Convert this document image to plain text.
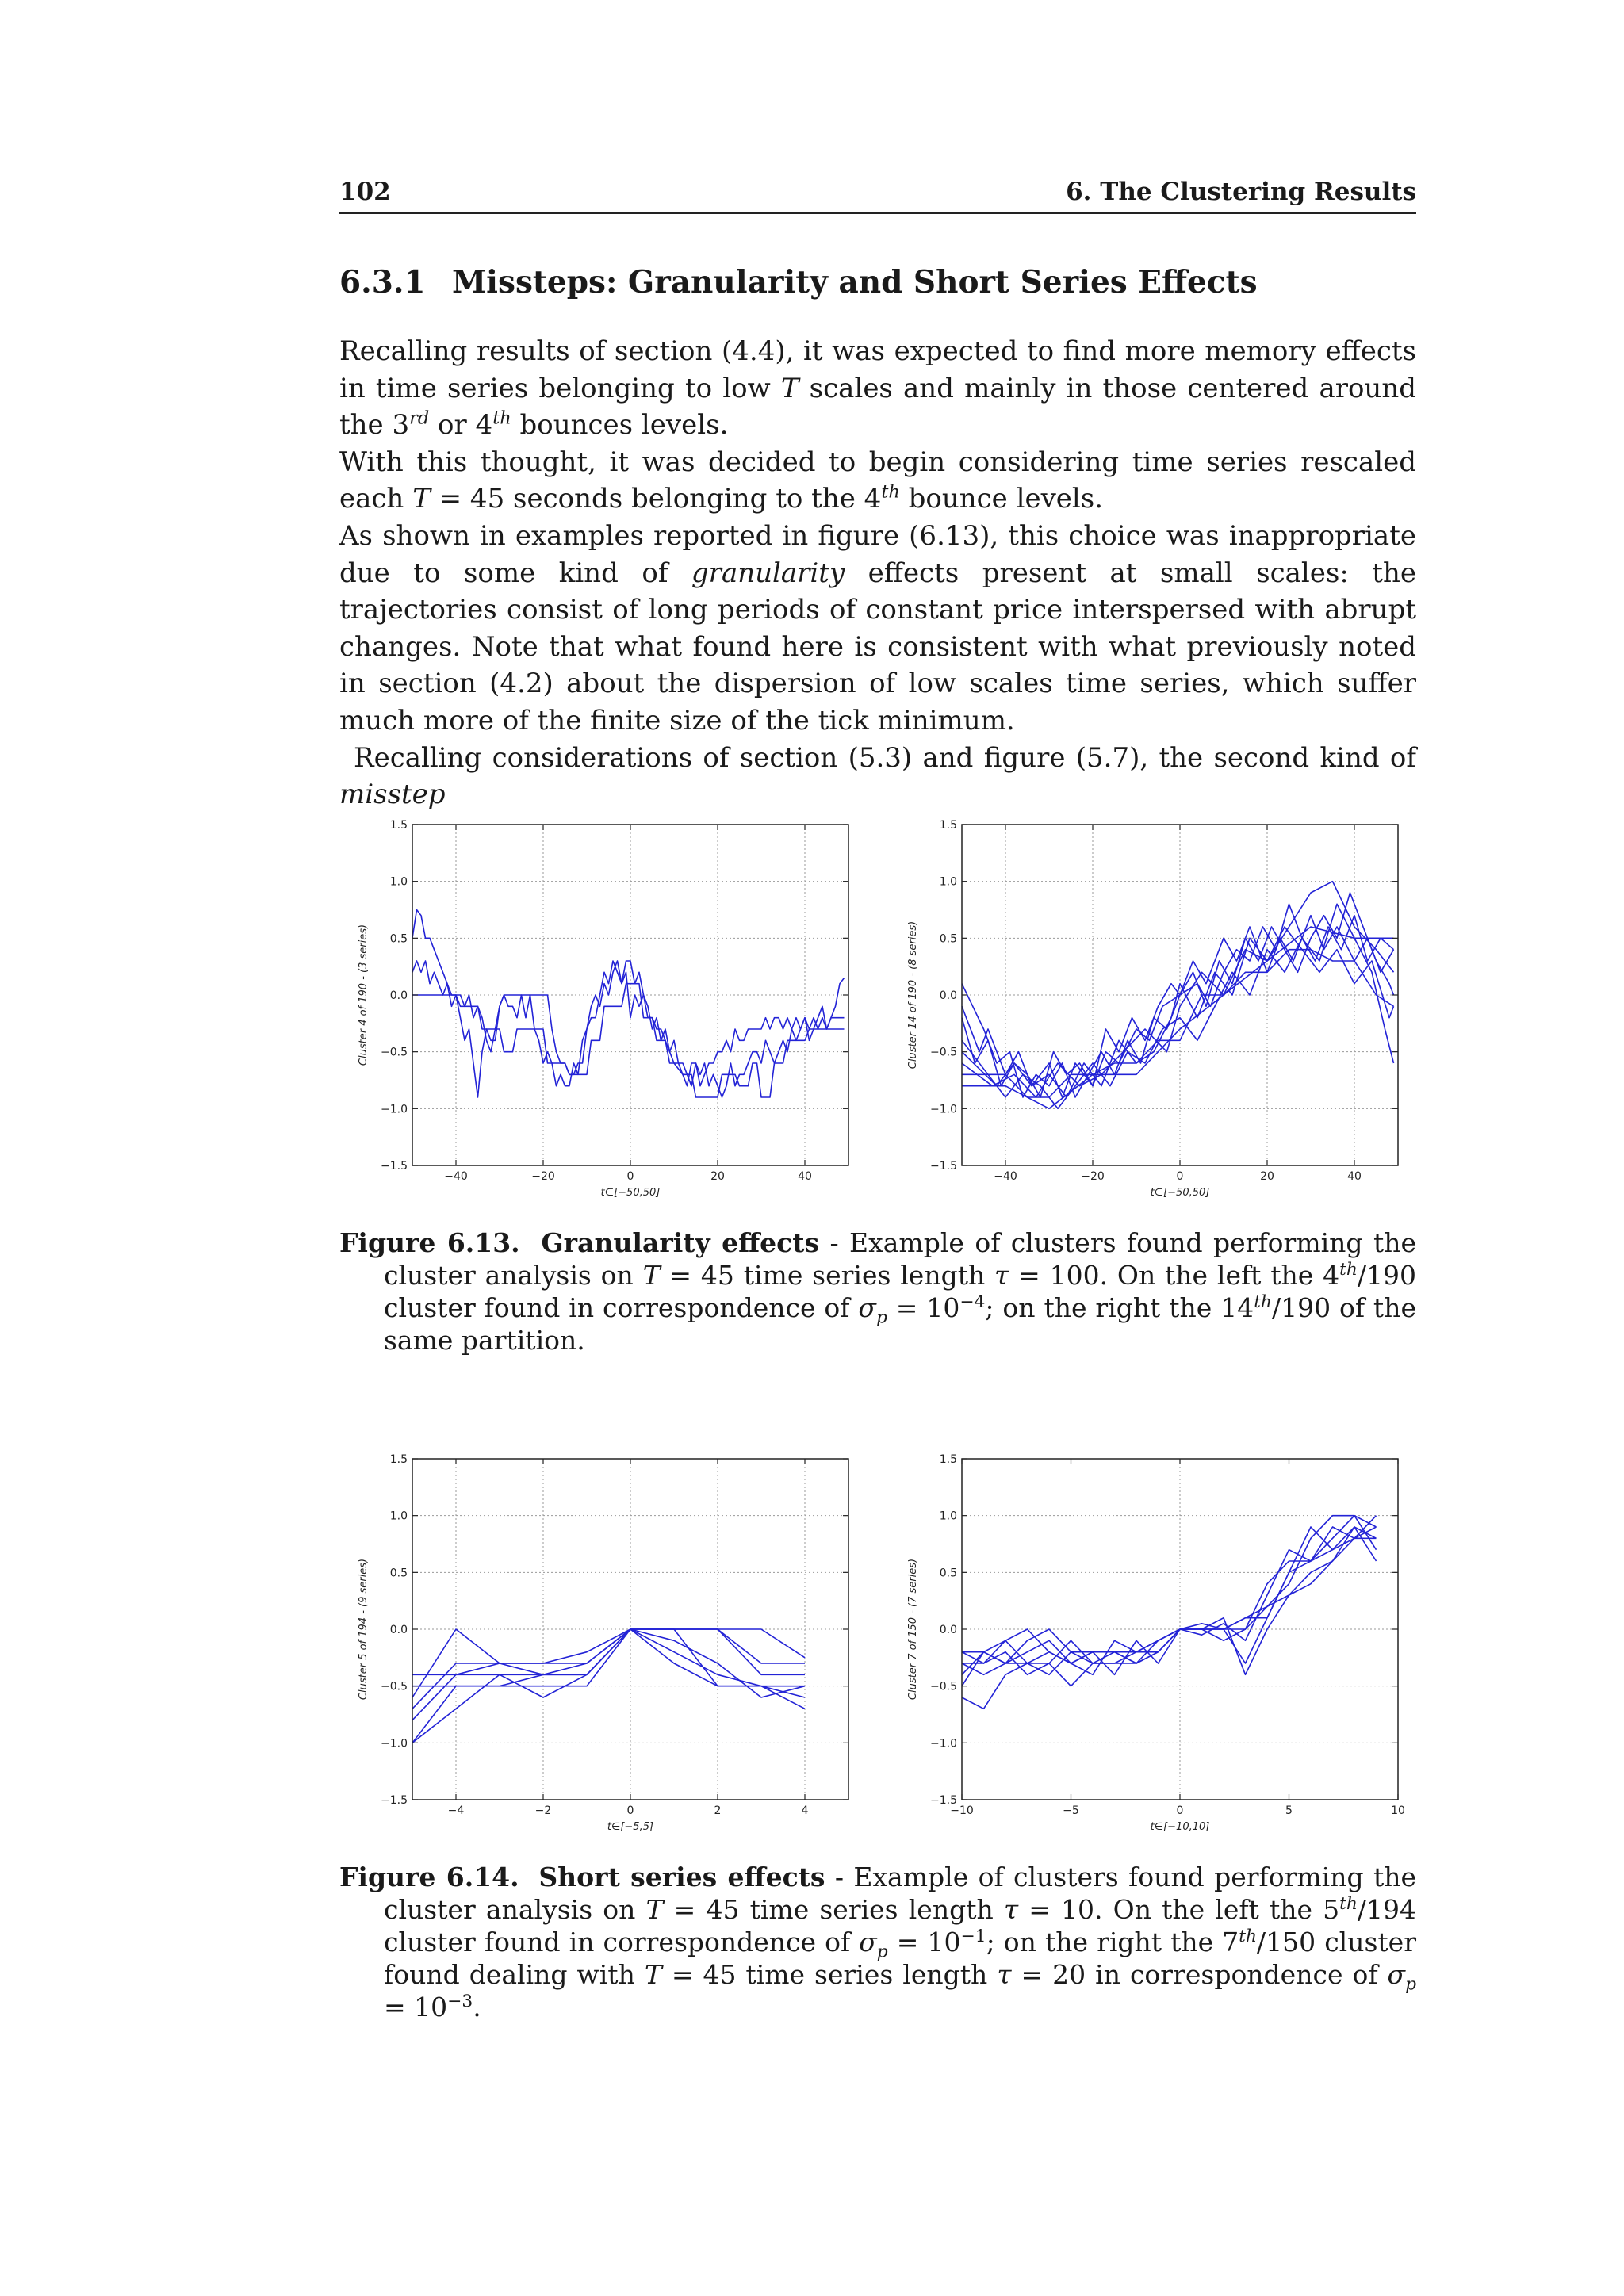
102	6. The Clustering Results
6.3.1 Missteps: Granularity and Short Series Effects

Recalling results of section (4.4), it was expected to find more memory effects in time series belonging to low T scales and mainly in those centered around the 3rd or 4th bounces levels.

With this thought, it was decided to begin considering time series rescaled each T = 45 seconds belonging to the 4th bounce levels.

As shown in examples reported in figure (6.13), this choice was inappropriate due to some kind of granularity effects present at small scales: the trajectories consist of long periods of constant price interspersed with abrupt changes. Note that what found here is consistent with what previously noted in section (4.2) about the dispersion of low scales time series, which suffer much more of the finite size of the tick minimum.

Recalling considerations of section (5.3) and figure (5.7), the second kind of misstep

−1.5
−1.0
−0.5
0.0
0.5
1.0
1.5
−40	−20	0	20	40
t∈[−50,50]
Cluster 4 of 190 - (3 series)
−1.5
−1.0
−0.5
0.0
0.5
1.0
1.5
−40	−20	0	20	40
t∈[−50,50]
Cluster 14 of 190 - (8 series)
Figure 6.13. Granularity effects - Example of clusters found performing the cluster analysis on T = 45 time series length τ = 100. On the left the 4th/190 cluster found in correspondence of $\sigma_p = 10^{-4}$; on the right the 14th/190 of the same partition.
−1.5
−1.0
−0.5
0.0
0.5
1.0
1.5
−4	−2	0	2	4
t∈[−5,5]
Cluster 5 of 194 - (9 series)
−1.5
−1.0
−0.5
0.0
0.5
1.0
1.5
−10	−5	0	5	10
t∈[−10,10]
Cluster 7 of 150 - (7 series)
Figure 6.14. Short series effects - Example of clusters found performing the cluster analysis on T = 45 time series length τ = 10. On the left the 5th/194 cluster found in correspondence of $\sigma_p = 10^{-1}$; on the right the 7th/150 cluster found dealing with T = 45 time series length τ = 20 in correspondence of $\sigma_p = 10^{-3}$.
